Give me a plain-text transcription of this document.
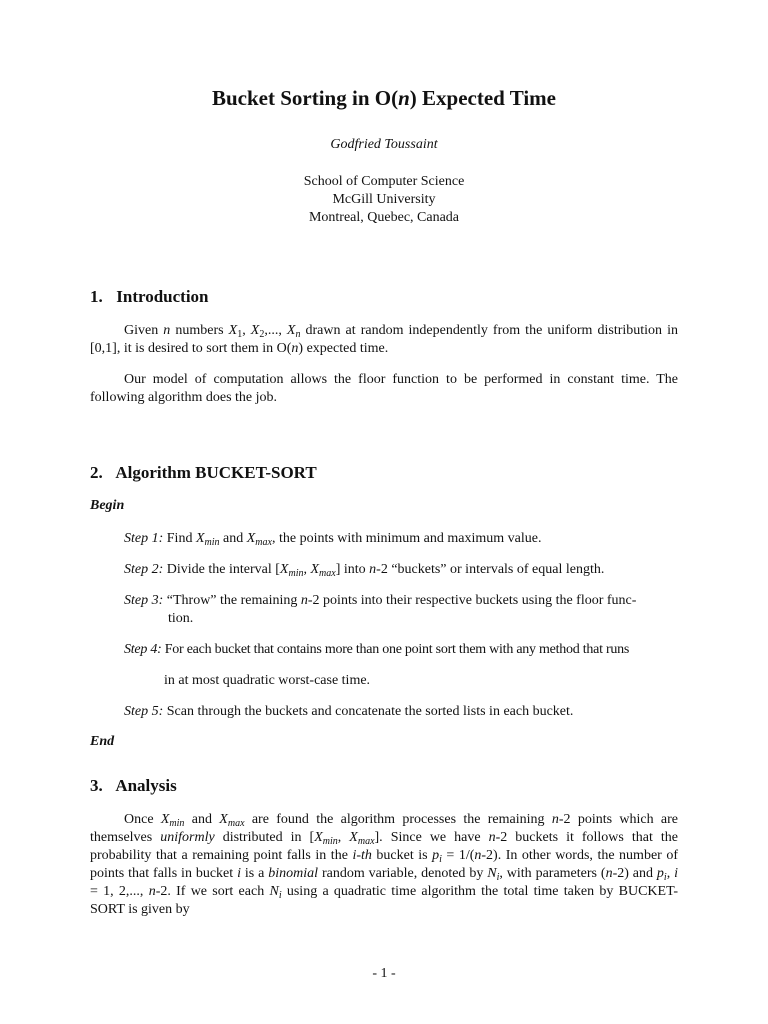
Bucket Sorting in O(n) Expected Time
Godfried Toussaint
School of Computer Science
McGill University
Montreal, Quebec, Canada
1. Introduction

Given n numbers $X_1$, $X_2$,..., $X_n$ drawn at random independently from the uniform distribution in [0,1], it is desired to sort them in O(n) expected time.

Our model of computation allows the floor function to be performed in constant time. The following algorithm does the job.

2. Algorithm BUCKET-SORT
Begin
Step 1: Find $X_{min}$ and $X_{max}$, the points with minimum and maximum value.
Step 2: Divide the interval [$X_{min}$, $X_{max}$] into n-2 “buckets” or intervals of equal length.
Step 3: “Throw” the remaining n-2 points into their respective buckets using the floor func-
tion.
Step 4: For each bucket that contains more than one point sort them with any method that runs
in at most quadratic worst-case time.
Step 5: Scan through the buckets and concatenate the sorted lists in each bucket.
End
3. Analysis

Once $X_{min}$ and $X_{max}$ are found the algorithm processes the remaining n-2 points which are themselves uniformly distributed in [$X_{min}$, $X_{max}$]. Since we have n-2 buckets it follows that the probability that a remaining point falls in the i-th bucket is $p_i = 1/(n-2)$. In other words, the number of points that falls in bucket i is a binomial random variable, denoted by $N_i$, with parameters (n-2) and $p_i$, i = 1, 2,..., n-2. If we sort each $N_i$ using a quadratic time algorithm the total time taken by BUCKET-SORT is given by

- 1 -
